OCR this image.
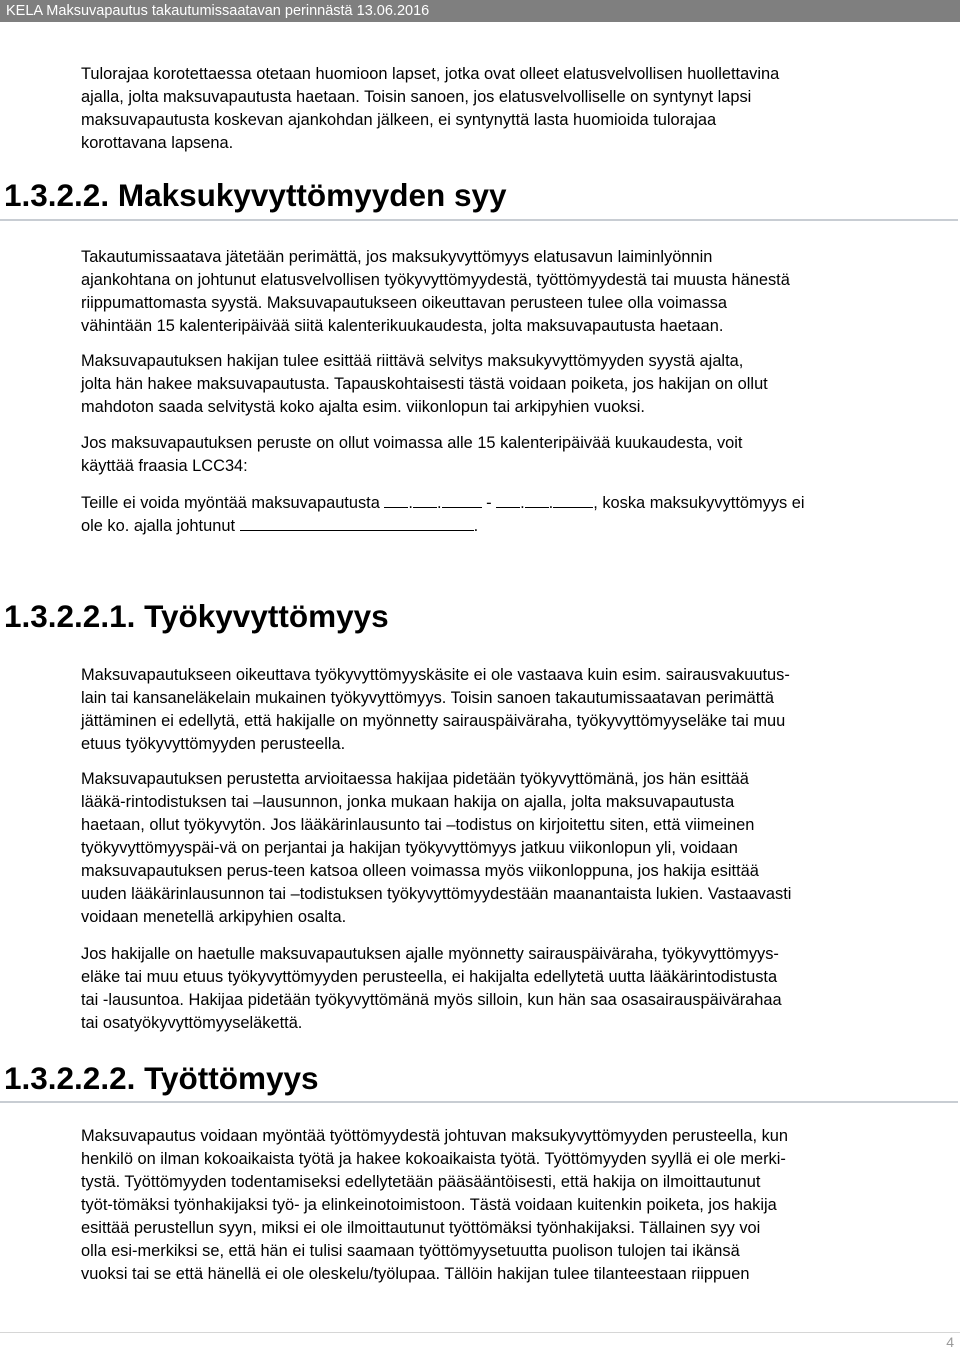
KELA Maksuvapautus takautumissaatavan perinnästä 13.06.2016

Tulorajaa korotettaessa otetaan huomioon lapset, jotka ovat olleet elatusvelvollisen huollettavina
ajalla, jolta maksuvapautusta haetaan. Toisin sanoen, jos elatusvelvolliselle on syntynyt lapsi
maksuvapautusta koskevan ajankohdan jälkeen, ei syntynyttä lasta huomioida tulorajaa
korottavana lapsena.

1.3.2.2. Maksukyvyttömyyden syy

Takautumissaatava jätetään perimättä, jos maksukyvyttömyys elatusavun laiminlyönnin
ajankohtana on johtunut elatusvelvollisen työkyvyttömyydestä, työttömyydestä tai muusta hänestä
riippumattomasta syystä. Maksuvapautukseen oikeuttavan perusteen tulee olla voimassa
vähintään 15 kalenteripäivää siitä kalenterikuukaudesta, jolta maksuvapautusta haetaan.

Maksuvapautuksen hakijan tulee esittää riittävä selvitys maksukyvyttömyyden syystä ajalta,
jolta hän hakee maksuvapautusta. Tapauskohtaisesti tästä voidaan poiketa, jos hakijan on ollut
mahdoton saada selvitystä koko ajalta esim. viikonlopun tai arkipyhien vuoksi.

Jos maksuvapautuksen peruste on ollut voimassa alle 15 kalenteripäivää kuukaudesta, voit
käyttää fraasia LCC34:

Teille ei voida myöntää maksuvapautusta . . - . . , koska maksukyvyttömyys ei
ole ko. ajalla johtunut	.

1.3.2.2.1. Työkyvyttömyys

Maksuvapautukseen oikeuttava työkyvyttömyyskäsite ei ole vastaava kuin esim. sairausvakuutus-
lain tai kansaneläkelain mukainen työkyvyttömyys. Toisin sanoen takautumissaatavan perimättä
jättäminen ei edellytä, että hakijalle on myönnetty sairauspäiväraha, työkyvyttömyyseläke tai muu
etuus työkyvyttömyyden perusteella.

Maksuvapautuksen perustetta arvioitaessa hakijaa pidetään työkyvyttömänä, jos hän esittää
lääkä-rintodistuksen tai –lausunnon, jonka mukaan hakija on ajalla, jolta maksuvapautusta
haetaan, ollut työkyvytön. Jos lääkärinlausunto tai –todistus on kirjoitettu siten, että viimeinen
työkyvyttömyyspäi-vä on perjantai ja hakijan työkyvyttömyys jatkuu viikonlopun yli, voidaan
maksuvapautuksen perus-teen katsoa olleen voimassa myös viikonloppuna, jos hakija esittää
uuden lääkärinlausunnon tai –todistuksen työkyvyttömyydestään maanantaista lukien. Vastaavasti
voidaan menetellä arkipyhien osalta.

Jos hakijalle on haetulle maksuvapautuksen ajalle myönnetty sairauspäiväraha, työkyvyttömyys-
eläke tai muu etuus työkyvyttömyyden perusteella, ei hakijalta edellytetä uutta lääkärintodistusta
tai -lausuntoa. Hakijaa pidetään työkyvyttömänä myös silloin, kun hän saa osasairauspäivärahaa
tai osatyökyvyttömyyseläkettä.

1.3.2.2.2. Työttömyys

Maksuvapautus voidaan myöntää työttömyydestä johtuvan maksukyvyttömyyden perusteella, kun
henkilö on ilman kokoaikaista työtä ja hakee kokoaikaista työtä. Työttömyyden syyllä ei ole merki-
tystä. Työttömyyden todentamiseksi edellytetään pääsääntöisesti, että hakija on ilmoittautunut
työt-tömäksi työnhakijaksi työ- ja elinkeinotoimistoon. Tästä voidaan kuitenkin poiketa, jos hakija
esittää perustellun syyn, miksi ei ole ilmoittautunut työttömäksi työnhakijaksi. Tällainen syy voi
olla esi-merkiksi se, että hän ei tulisi saamaan työttömyysetuutta puolison tulojen tai ikänsä
vuoksi tai se että hänellä ei ole oleskelu/työlupaa. Tällöin hakijan tulee tilanteestaan riippuen

4
